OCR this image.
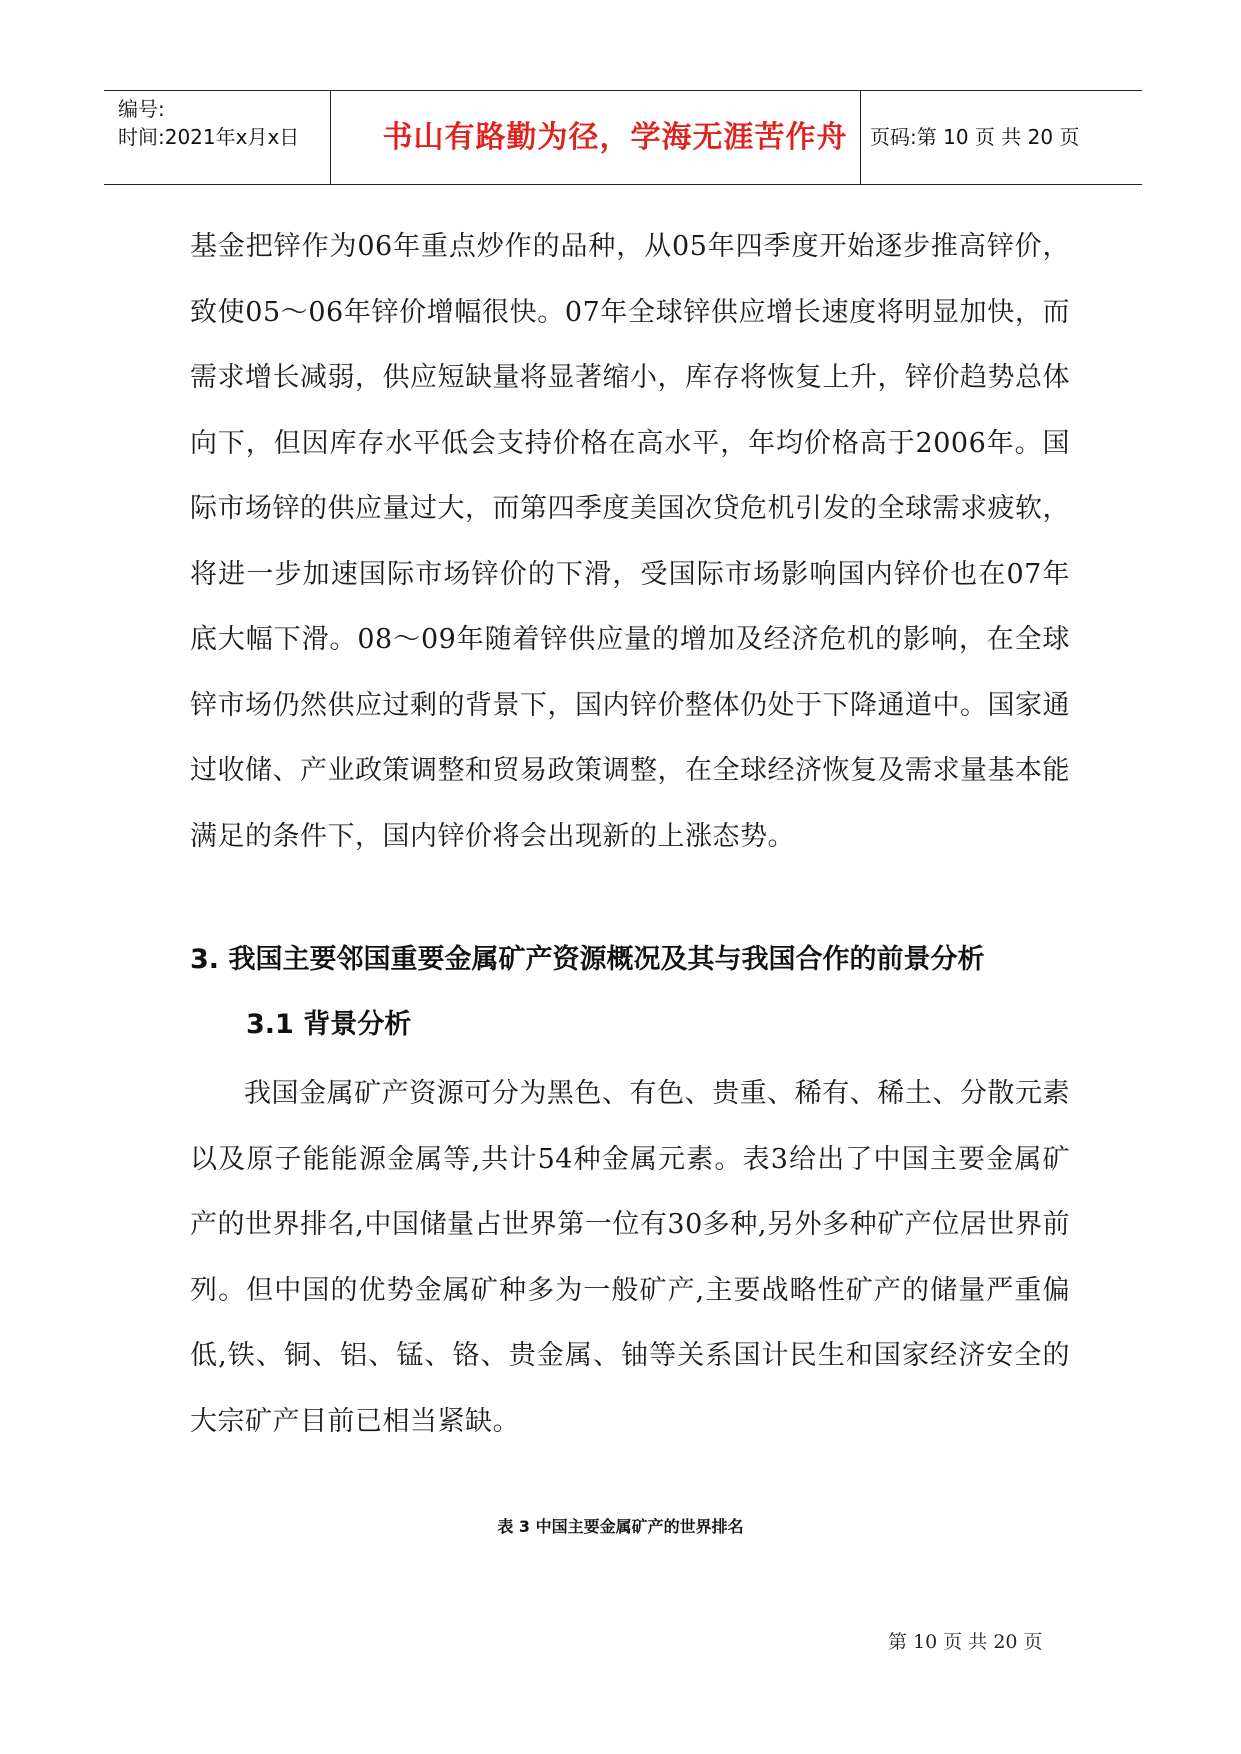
编号:
时间:2021年x月x日	书山有路勤为径，学海无涯苦作舟	页码:第 10 页 共 20 页
基金把锌作为06年重点炒作的品种，从05年四季度开始逐步推高锌价，致使05～06年锌价增幅很快。07年全球锌供应增长速度将明显加快，而需求增长减弱，供应短缺量将显著缩小，库存将恢复上升，锌价趋势总体向下，但因库存水平低会支持价格在高水平，年均价格高于2006年。国际市场锌的供应量过大，而第四季度美国次贷危机引发的全球需求疲软，将进一步加速国际市场锌价的下滑，受国际市场影响国内锌价也在07年底大幅下滑。08～09年随着锌供应量的增加及经济危机的影响，在全球锌市场仍然供应过剩的背景下，国内锌价整体仍处于下降通道中。国家通过收储、产业政策调整和贸易政策调整，在全球经济恢复及需求量基本能满足的条件下，国内锌价将会出现新的上涨态势。
3. 我国主要邻国重要金属矿产资源概况及其与我国合作的前景分析
3.1 背景分析
我国金属矿产资源可分为黑色、有色、贵重、稀有、稀土、分散元素以及原子能能源金属等,共计54种金属元素。表3给出了中国主要金属矿产的世界排名,中国储量占世界第一位有30多种,另外多种矿产位居世界前列。但中国的优势金属矿种多为一般矿产,主要战略性矿产的储量严重偏低,铁、铜、铝、锰、铬、贵金属、铀等关系国计民生和国家经济安全的大宗矿产目前已相当紧缺。
表 3 中国主要金属矿产的世界排名
第 10 页 共 20 页
